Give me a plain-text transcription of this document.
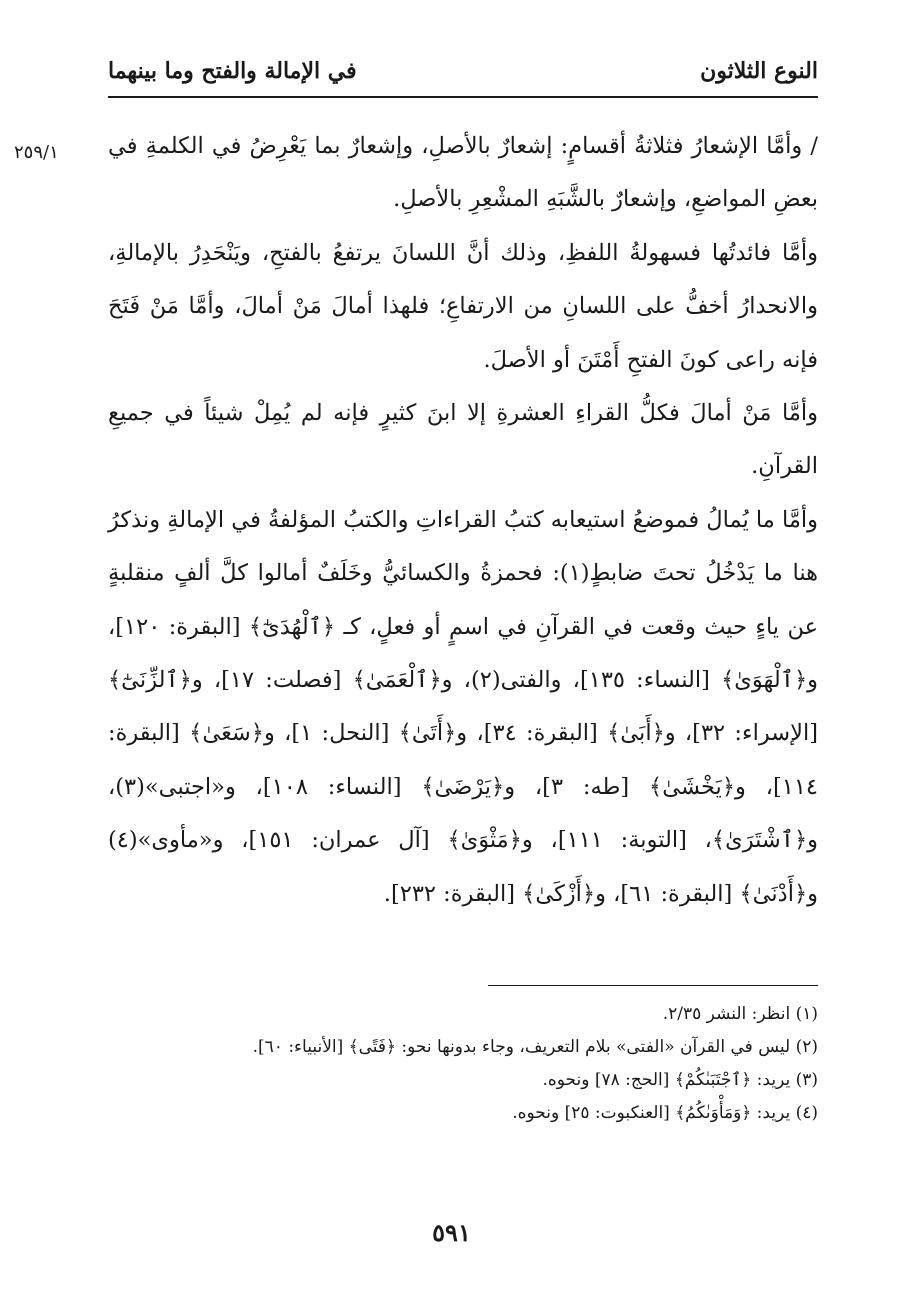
النوع الثلاثون
في الإمالة والفتح وما بينهما
٢٥٩/١ / وأمَّا الإشعارُ فثلاثةُ أقسامٍ: إشعارٌ بالأصلِ، وإشعارٌ بما يَعْرِضُ في الكلمةِ في بعضِ المواضعِ، وإشعارٌ بالشَّبَهِ المشْعِرِ بالأصلِ.

وأمَّا فائدتُها فسهولةُ اللفظِ، وذلك أنَّ اللسانَ يرتفعُ بالفتحِ، ويَنْحَدِرُ بالإمالةِ، والانحدارُ أخفُّ على اللسانِ من الارتفاعِ؛ فلهذا أمالَ مَنْ أمالَ، وأمَّا مَنْ فَتَحَ فإنه راعى كونَ الفتحِ أَمْتَنَ أو الأصلَ.

وأمَّا مَنْ أمالَ فكلُّ القراءِ العشرةِ إلا ابنَ كثيرٍ فإنه لم يُمِلْ شيئاً في جميعِ القرآنِ.

وأمَّا ما يُمالُ فموضعُ استيعابه كتبُ القراءاتِ والكتبُ المؤلفةُ في الإمالةِ ونذكرُ هنا ما يَدْخُلُ تحتَ ضابطٍ(١): فحمزةُ والكسائيُّ وخَلَفٌ أمالوا كلَّ ألفٍ منقلبةٍ عن ياءٍ حيث وقعت في القرآنِ في اسمٍ أو فعلٍ، كـ ﴿ٱلْهُدَىٰٓ﴾ [البقرة: ١٢٠]، و﴿ٱلْهَوَىٰ﴾ [النساء: ١٣٥]، والفتى(٢)، و﴿ٱلْعَمَىٰ﴾ [فصلت: ١٧]، و﴿ٱلزِّنَىٰٓ﴾ [الإسراء: ٣٢]، و﴿أَبَىٰ﴾ [البقرة: ٣٤]، و﴿أَتَىٰ﴾ [النحل: ١]، و﴿سَعَىٰ﴾ [البقرة: ١١٤]، و﴿يَخْشَىٰ﴾ [طه: ٣]، و﴿يَرْضَىٰ﴾ [النساء: ١٠٨]، و«اجتبى»(٣)، و﴿ٱشْتَرَىٰ﴾، [التوبة: ١١١]، و﴿مَثْوَىٰ﴾ [آل عمران: ١٥١]، و«مأوى»(٤) و﴿أَدْنَىٰ﴾ [البقرة: ٦١]، و﴿أَزْكَىٰ﴾ [البقرة: ٢٣٢].

(١) انظر: النشر ٢/٣٥.

(٢) ليس في القرآن «الفتى» بلام التعريف، وجاء بدونها نحو: ﴿فَتًى﴾ [الأنبياء: ٦٠].

(٣) يريد: ﴿ٱجْتَبَىٰكُمْ﴾ [الحج: ٧٨] ونحوه.

(٤) يريد: ﴿وَمَأْوَىٰكُمُ﴾ [العنكبوت: ٢٥] ونحوه.

٥٩١
